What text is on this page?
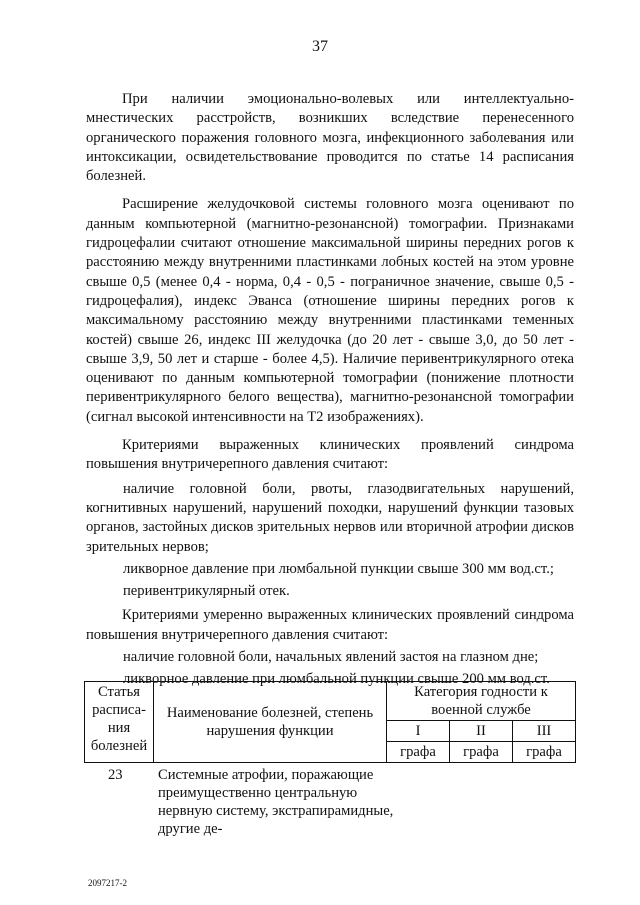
37

При наличии эмоционально-волевых или интеллектуально-мнестических расстройств, возникших вследствие перенесенного органического поражения головного мозга, инфекционного заболевания или интоксикации, освидетельствование проводится по статье 14 расписания болезней.

Расширение желудочковой системы головного мозга оценивают по данным компьютерной (магнитно-резонансной) томографии. Признаками гидроцефалии считают отношение максимальной ширины передних рогов к расстоянию между внутренними пластинками лобных костей на этом уровне свыше 0,5 (менее 0,4 - норма, 0,4 - 0,5 - пограничное значение, свыше 0,5 - гидроцефалия), индекс Эванса (отношение ширины передних рогов к максимальному расстоянию между внутренними пластинками теменных костей) свыше 26, индекс III желудочка (до 20 лет - свыше 3,0, до 50 лет - свыше 3,9, 50 лет и старше - более 4,5). Наличие перивентрикулярного отека оценивают по данным компьютерной томографии (понижение плотности перивентрикулярного белого вещества), магнитно-резонансной томографии (сигнал высокой интенсивности на Т2 изображениях).

Критериями выраженных клинических проявлений синдрома повышения внутричерепного давления считают:

наличие головной боли, рвоты, глазодвигательных нарушений, когнитивных нарушений, нарушений походки, нарушений функции тазовых органов, застойных дисков зрительных нервов или вторичной атрофии дисков зрительных нервов;

ликворное давление при люмбальной пункции свыше 300 мм вод.ст.;

перивентрикулярный отек.

Критериями умеренно выраженных клинических проявлений синдрома повышения внутричерепного давления считают:

наличие головной боли, начальных явлений застоя на глазном дне;

ликворное давление при люмбальной пункции свыше 200 мм вод.ст.

Статья расписа-ния болезней	Наименование болезней, степень нарушения функции	Категория годности к военной службе		
		I	II	III
		графа	графа	графа
23 Системные атрофии, поражающие преимущественно центральную нервную систему, экстрапирамидные, другие де-
2097217-2
